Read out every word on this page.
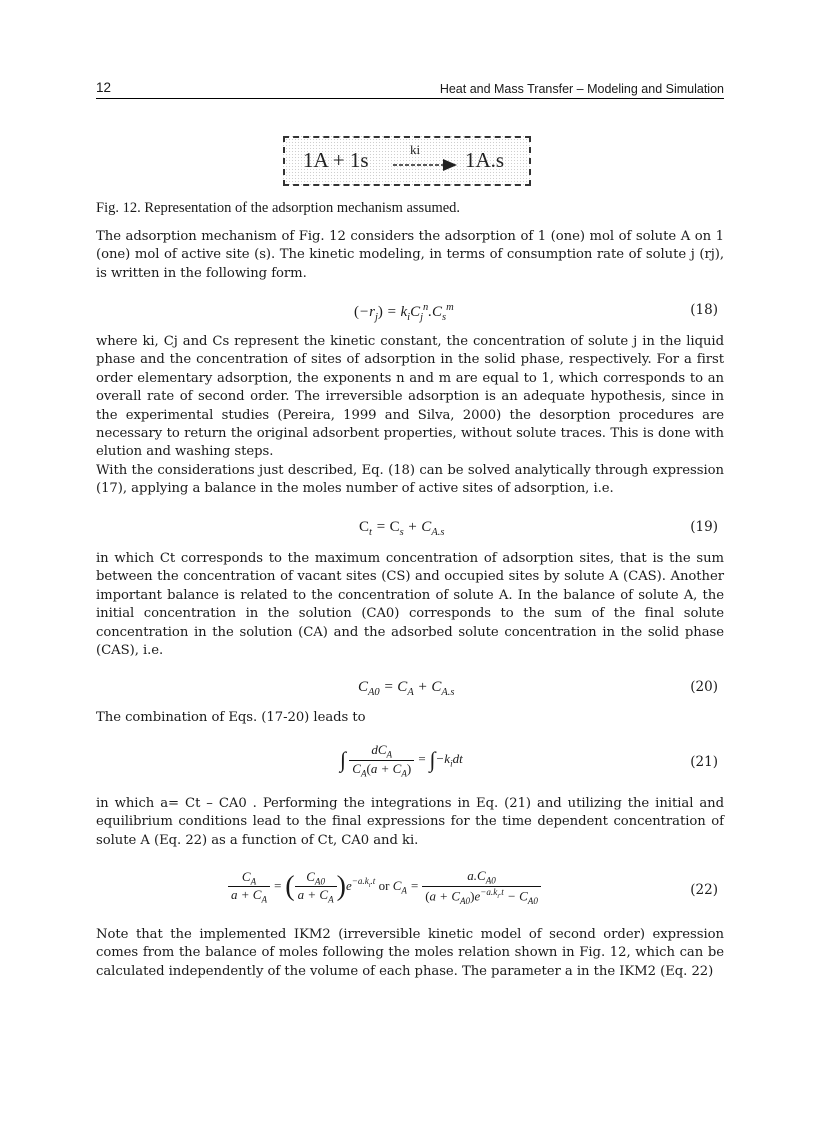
12	Heat and Mass Transfer – Modeling and Simulation
1A + 1s	ki → 1A.s
Fig. 12. Representation of the adsorption mechanism assumed.

The adsorption mechanism of Fig. 12 considers the adsorption of 1 (one) mol of solute A on 1 (one) mol of active site (s). The kinetic modeling, in terms of consumption rate of solute j (rj), is written in the following form.

$(-r_j) = k_iC_j^n.C_s^m$	(18)

where ki, Cj and Cs represent the kinetic constant, the concentration of solute j in the liquid phase and the concentration of sites of adsorption in the solid phase, respectively. For a first order elementary adsorption, the exponents n and m are equal to 1, which corresponds to an overall rate of second order. The irreversible adsorption is an adequate hypothesis, since in the experimental studies (Pereira, 1999 and Silva, 2000) the desorption procedures are necessary to return the original adsorbent properties, without solute traces. This is done with elution and washing steps.

With the considerations just described, Eq. (18) can be solved analytically through expression (17), applying a balance in the moles number of active sites of adsorption, i.e.

$C_t = C_s + C_{A.s}$	(19)

in which Ct corresponds to the maximum concentration of adsorption sites, that is the sum between the concentration of vacant sites (CS) and occupied sites by solute A (CAS). Another important balance is related to the concentration of solute A. In the balance of solute A, the initial concentration in the solution (CA0) corresponds to the sum of the final solute concentration in the solution (CA) and the adsorbed solute concentration in the solid phase (CAS), i.e.

$C_{A0} = C_A + C_{A.s}$	(20)

The combination of Eqs. (17-20) leads to

∫ $\frac{dC_A}{C_A(a + C_A)} = \int-k_idt$	(21)

in which a= Ct – CA0 . Performing the integrations in Eq. (21) and utilizing the initial and equilibrium conditions lead to the final expressions for the time dependent concentration of solute A (Eq. 22) as a function of Ct, CA0 and ki.

$\frac{C_A}{a + C_A}$ = ( $\frac{C_{A0}}{a + C_A} )e^{-a.k_i.t}$ or $C_A = \frac{a.C_{A0}}{(a + C_{A0})e^{-a.k_i.t} - C_{A0}}$	(22)

Note that the implemented IKM2 (irreversible kinetic model of second order) expression comes from the balance of moles following the moles relation shown in Fig. 12, which can be calculated independently of the volume of each phase. The parameter a in the IKM2 (Eq. 22)
